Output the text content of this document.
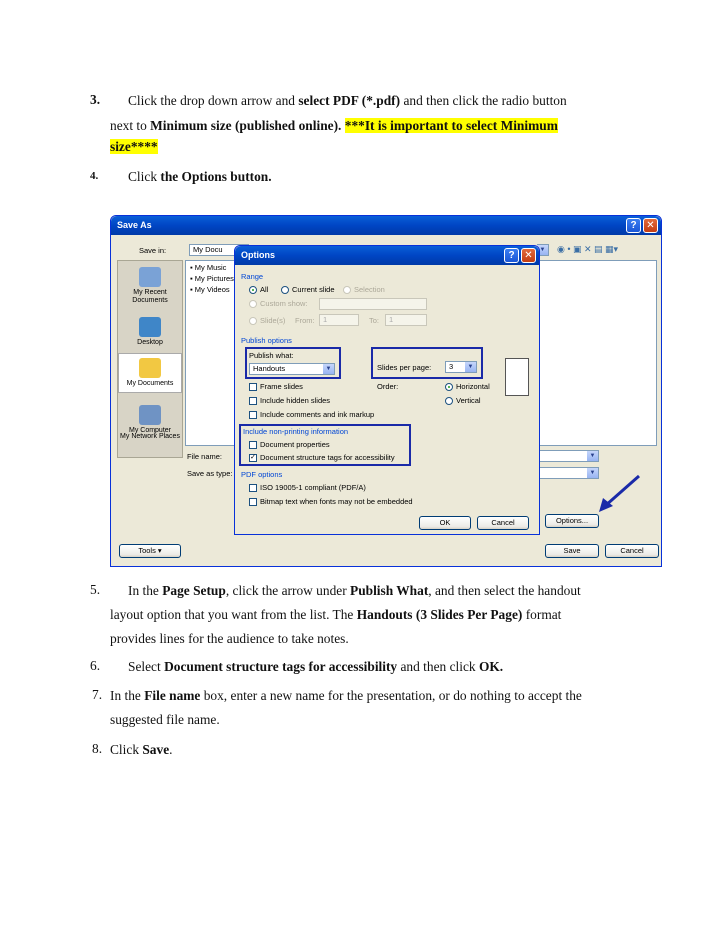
3. Click the drop down arrow and select PDF (*.pdf) and then click the radio button
next to Minimum size (published online). ***It is important to select Minimum
size****
4. Click the Options button.
Save As	? ✕
Save in:	My Docu	▼ ◉ • ▣ ✕ ▤ ▦▾
My Recent Documents
Desktop
My Documents
My Computer
My Network Places
▪ My Music
▪ My Pictures
▪ My Videos
File name:	▼
Save as type:	▼
Options...
Tools ▾	Save	Cancel
Options	? ✕
Range
All	Current slide	Selection
Custom show:
Slide(s) From:	1	To:	1
Publish options
Publish what:
Handouts	▼	Slides per page:	3	▼
Frame slides	Order:	Horizontal
Include hidden slides	Vertical
Include comments and ink markup
Include non-printing information
Document properties
✓ Document structure tags for accessibility
PDF options
ISO 19005-1 compliant (PDF/A)
Bitmap text when fonts may not be embedded
OK	Cancel
5. In the Page Setup, click the arrow under Publish What, and then select the handout
layout option that you want from the list. The Handouts (3 Slides Per Page) format
provides lines for the audience to take notes.
6. Select Document structure tags for accessibility and then click OK.
7. In the File name box, enter a new name for the presentation, or do nothing to accept the
suggested file name.
8. Click Save.
